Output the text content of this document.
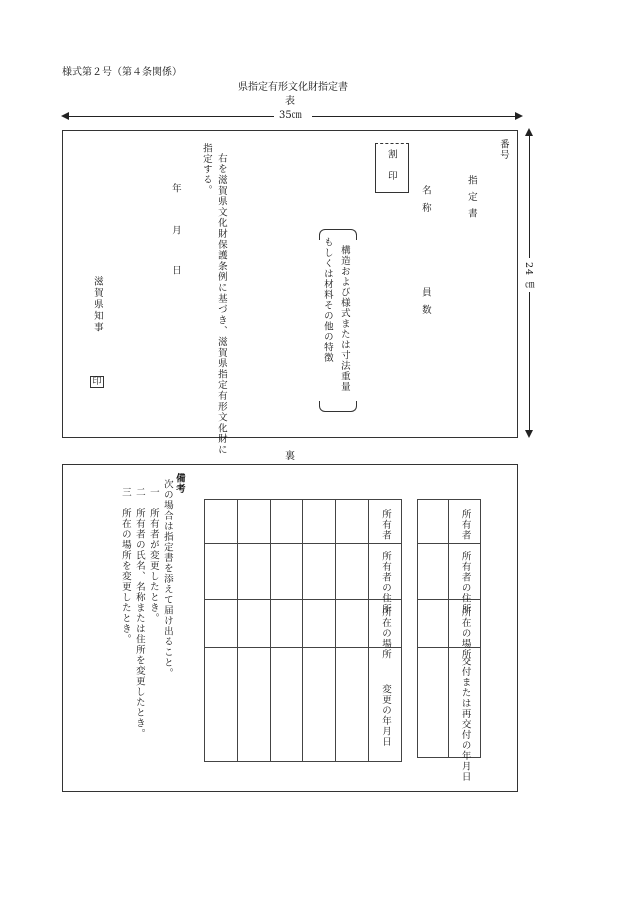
様式第２号（第４条関係）
県指定有形文化財指定書
表
35㎝
24 ㎝
番号
指定書
割印
名称
員数
構造および様式または寸法重量
もしくは材料その他の特徴
右を滋賀県文化財保護条例に基づき、滋賀県指定有形文化財に
指定する。
年
月
日
滋賀県知事
印
裏

	所有者

	所有者の住所

	所在の場所

	交付または再交付の年月日

					所有者

					所有者の住所

					所在の場所

					変更の年月日
備考
次の場合は指定書を添えて届け出ること。
一　所有者が変更したとき。
二　所有者の氏名、名称または住所を変更したとき。
三　所在の場所を変更したとき。
